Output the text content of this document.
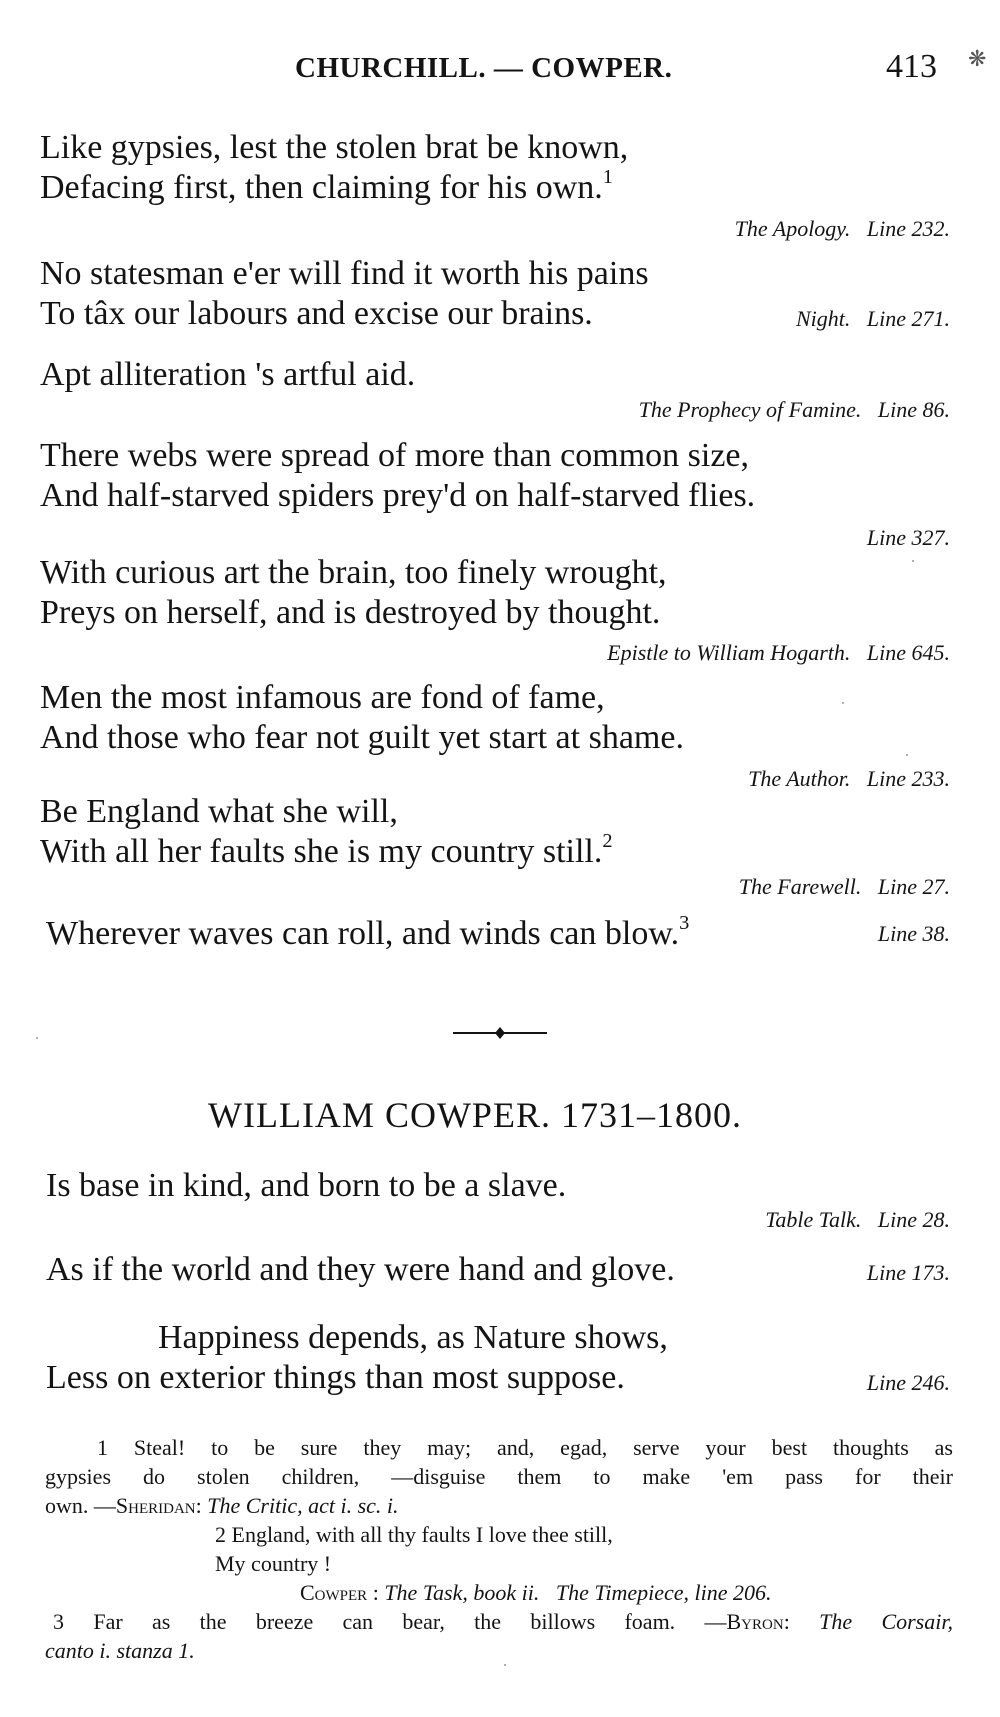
CHURCHILL. — COWPER.	413 ❋
Like gypsies, lest the stolen brat be known,
Defacing first, then claiming for his own.$^1$
The Apology. Line 232.
No statesman e'er will find it worth his pains
To tâx our labours and excise our brains.	Night. Line 271.
Apt alliteration 's artful aid.
The Prophecy of Famine. Line 86.
There webs were spread of more than common size,
And half-starved spiders prey'd on half-starved flies.
Line 327.
With curious art the brain, too finely wrought,
Preys on herself, and is destroyed by thought.
Epistle to William Hogarth. Line 645.
Men the most infamous are fond of fame,
And those who fear not guilt yet start at shame.
The Author. Line 233.
Be England what she will,
With all her faults she is my country still.$^2$
The Farewell. Line 27.
Wherever waves can roll, and winds can blow.$^3$	Line 38.
WILLIAM COWPER. 1731–1800.
Is base in kind, and born to be a slave.
Table Talk. Line 28.
As if the world and they were hand and glove.	Line 173.
Happiness depends, as Nature shows,
Less on exterior things than most suppose.	Line 246.
1 Steal! to be sure they may; and, egad, serve your best thoughts as
gypsies do stolen children, —disguise them to make 'em pass for their
own. —Sheridan: The Critic, act i. sc. i.
2 England, with all thy faults I love thee still,
My country !
Cowper : The Task, book ii. The Timepiece, line 206.
3 Far as the breeze can bear, the billows foam. —Byron: The Corsair,
canto i. stanza 1.
